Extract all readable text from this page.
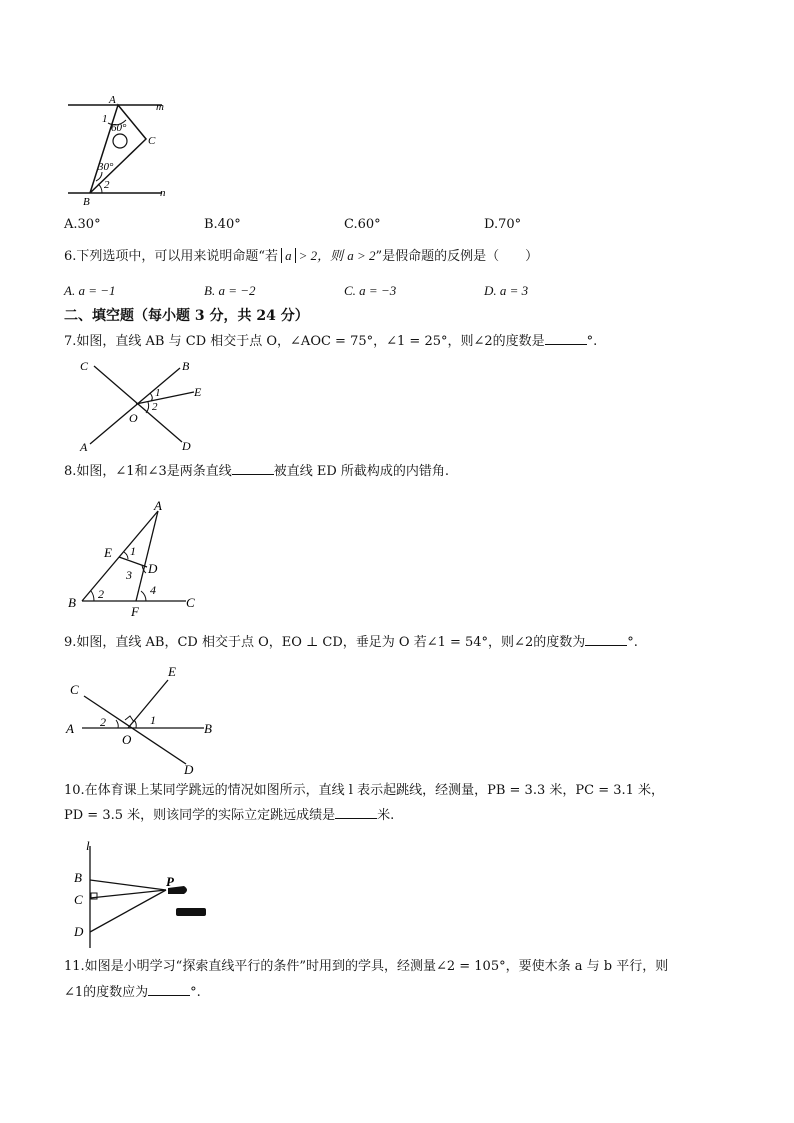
A
m
1
60°
C
30°
2
B
n
A.30°	B.40°	C.60°	D.70°
6.下列选项中，可以用来说明命题“若 a > 2，则 a > 2”是假命题的反例是（　　）
A. a = −1	B. a = −2	C. a = −3	D. a = 3
二、填空题（每小题 3 分，共 24 分）
7.如图，直线 AB 与 CD 相交于点 O，∠AOC = 75°，∠1 = 25°，则∠2的度数是	°.
C	B
E
1
2
O
A	D
8.如图，∠1和∠3是两条直线	被直线 ED 所截构成的内错角.
A
E 1
D
3
B
2
F
4
C
9.如图，直线 AB，CD 相交于点 O，EO ⊥ CD，垂足为 O 若∠1 = 54°，则∠2的度数为	°.
E
C
2	1
A
O
B
D
10.在体育课上某同学跳远的情况如图所示，直线 l 表示起跳线，经测量，PB = 3.3 米，PC = 3.1 米，
PD = 3.5 米，则该同学的实际立定跳远成绩是	米.
l
B
C
D
P
11.如图是小明学习“探索直线平行的条件”时用到的学具，经测量∠2 = 105°，要使木条 a 与 b 平行，则
∠1的度数应为	°.
